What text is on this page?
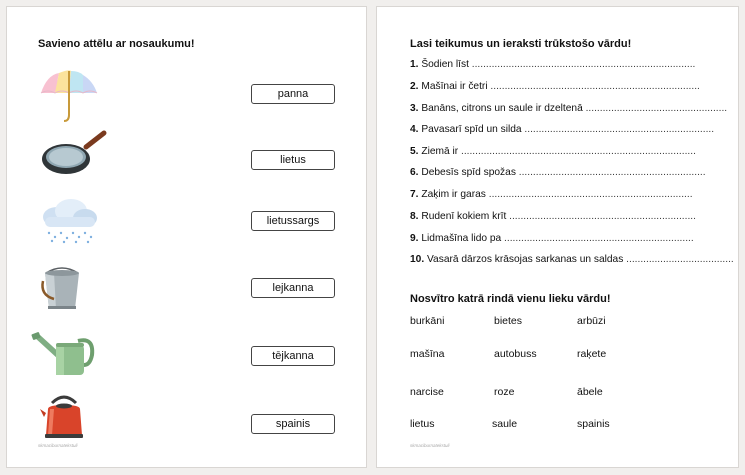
Savieno attēlu ar nosaukumu!
panna
lietus
lietussargs
lejkanna
tējkanna
spainis
skmaciburnatekstuli
Lasi teikumus un ieraksti trūkstošo vārdu!
1. Šodien līst ...............................................................................
2. Mašīnai ir četri ..........................................................................
3. Banāns, citrons un saule ir dzeltenā ..................................................
4. Pavasarī spīd un silda ...................................................................
5. Ziemā ir ...................................................................................
6. Debesīs spīd spožas ..................................................................
7. Zaķim ir garas ........................................................................
8. Rudenī kokiem krīt ..................................................................
9. Lidmašīna lido pa ...................................................................
10. Vasarā dārzos krāsojas sarkanas un saldas ......................................
Nosvītro katrā rindā vienu lieku vārdu!
burkāni	bietes	arbūzi
mašīna	autobuss	raķete
narcise	roze	ābele
lietus	saule	spainis
skmaciburnatekstuli
